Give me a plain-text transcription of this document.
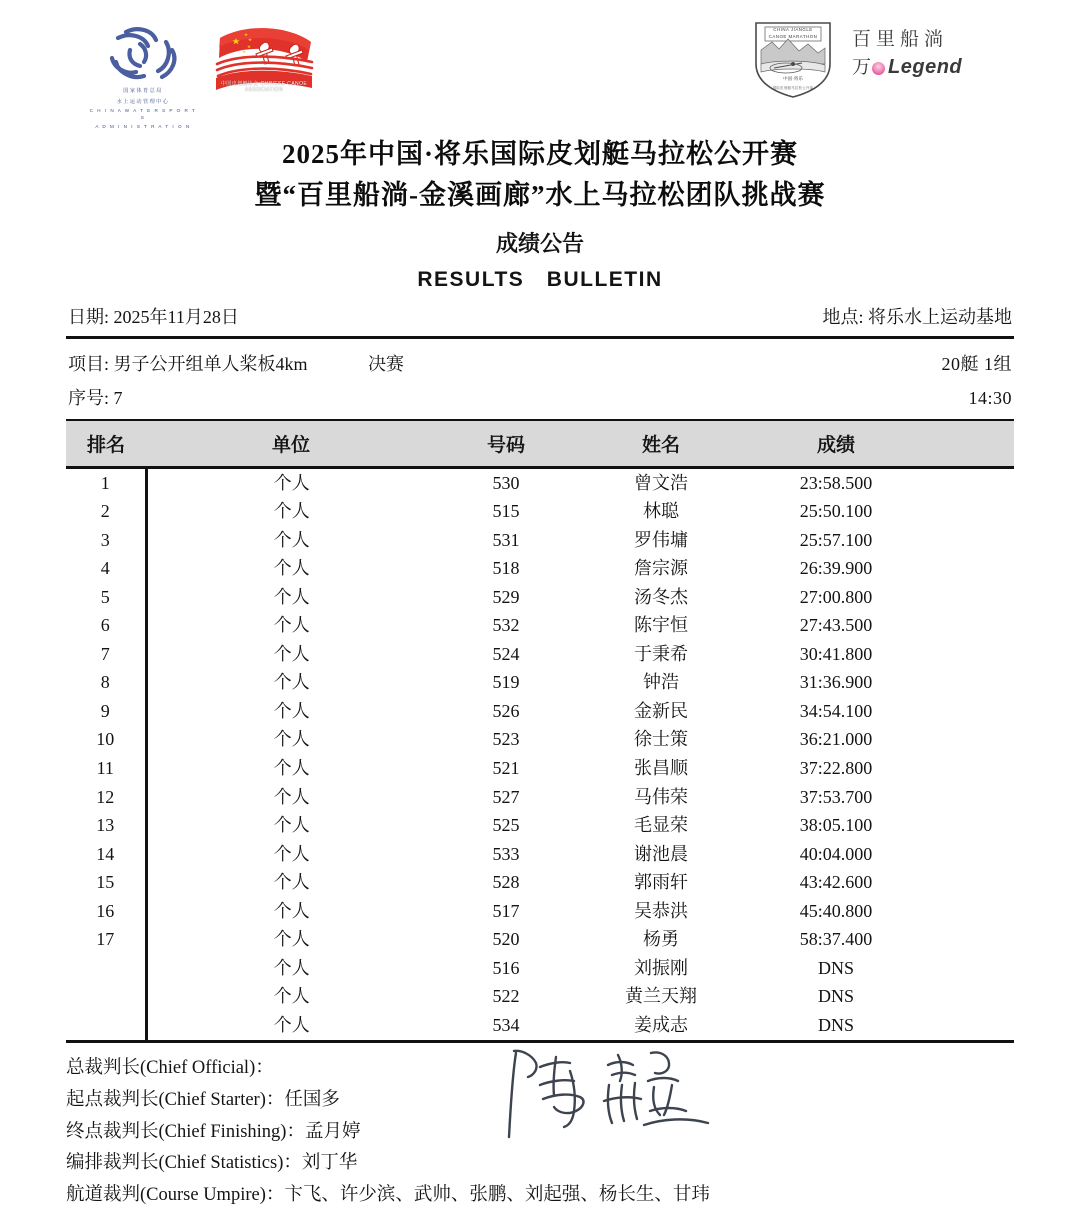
国家体育总局
水上运动管理中心
C H I N A W A T E R S P O R T S
A D M I N I S T R A T I O N
中国皮划艇协会 CHINESE CANOE ASSOCIATION
CHINA JIANGLE
CANOE MARATHON
中国·将乐
国际皮划艇马拉松公开赛
百里船淌
万 Legend
2025年中国·将乐国际皮划艇马拉松公开赛
暨“百里船淌-金溪画廊”水上马拉松团队挑战赛
成绩公告
RESULTS　BULLETIN
日期: 2025年11月28日	地点: 将乐水上运动基地
项目: 男子公开组单人桨板4km	决赛	20艇 1组
序号: 7	14:30
排名	单位	号码	姓名	成绩	
1	个人	530	曾文浩	23:58.500	
2	个人	515	林聪	25:50.100	
3	个人	531	罗伟墉	25:57.100	
4	个人	518	詹宗源	26:39.900	
5	个人	529	汤冬杰	27:00.800	
6	个人	532	陈宇恒	27:43.500	
7	个人	524	于秉希	30:41.800	
8	个人	519	钟浩	31:36.900	
9	个人	526	金新民	34:54.100	
10	个人	523	徐士策	36:21.000	
11	个人	521	张昌顺	37:22.800	
12	个人	527	马伟荣	37:53.700	
13	个人	525	毛显荣	38:05.100	
14	个人	533	谢池晨	40:04.000	
15	个人	528	郭雨轩	43:42.600	
16	个人	517	吴恭洪	45:40.800	
17	个人	520	杨勇	58:37.400	
	个人	516	刘振刚	DNS	
	个人	522	黄兰天翔	DNS	
	个人	534	姜成志	DNS	
总裁判长(Chief Official)：
起点裁判长(Chief Starter)：任国多
终点裁判长(Chief Finishing)：孟月婷
编排裁判长(Chief Statistics)：刘丁华
航道裁判(Course Umpire)：卞飞、许少滨、武帅、张鹏、刘起强、杨长生、甘玮
